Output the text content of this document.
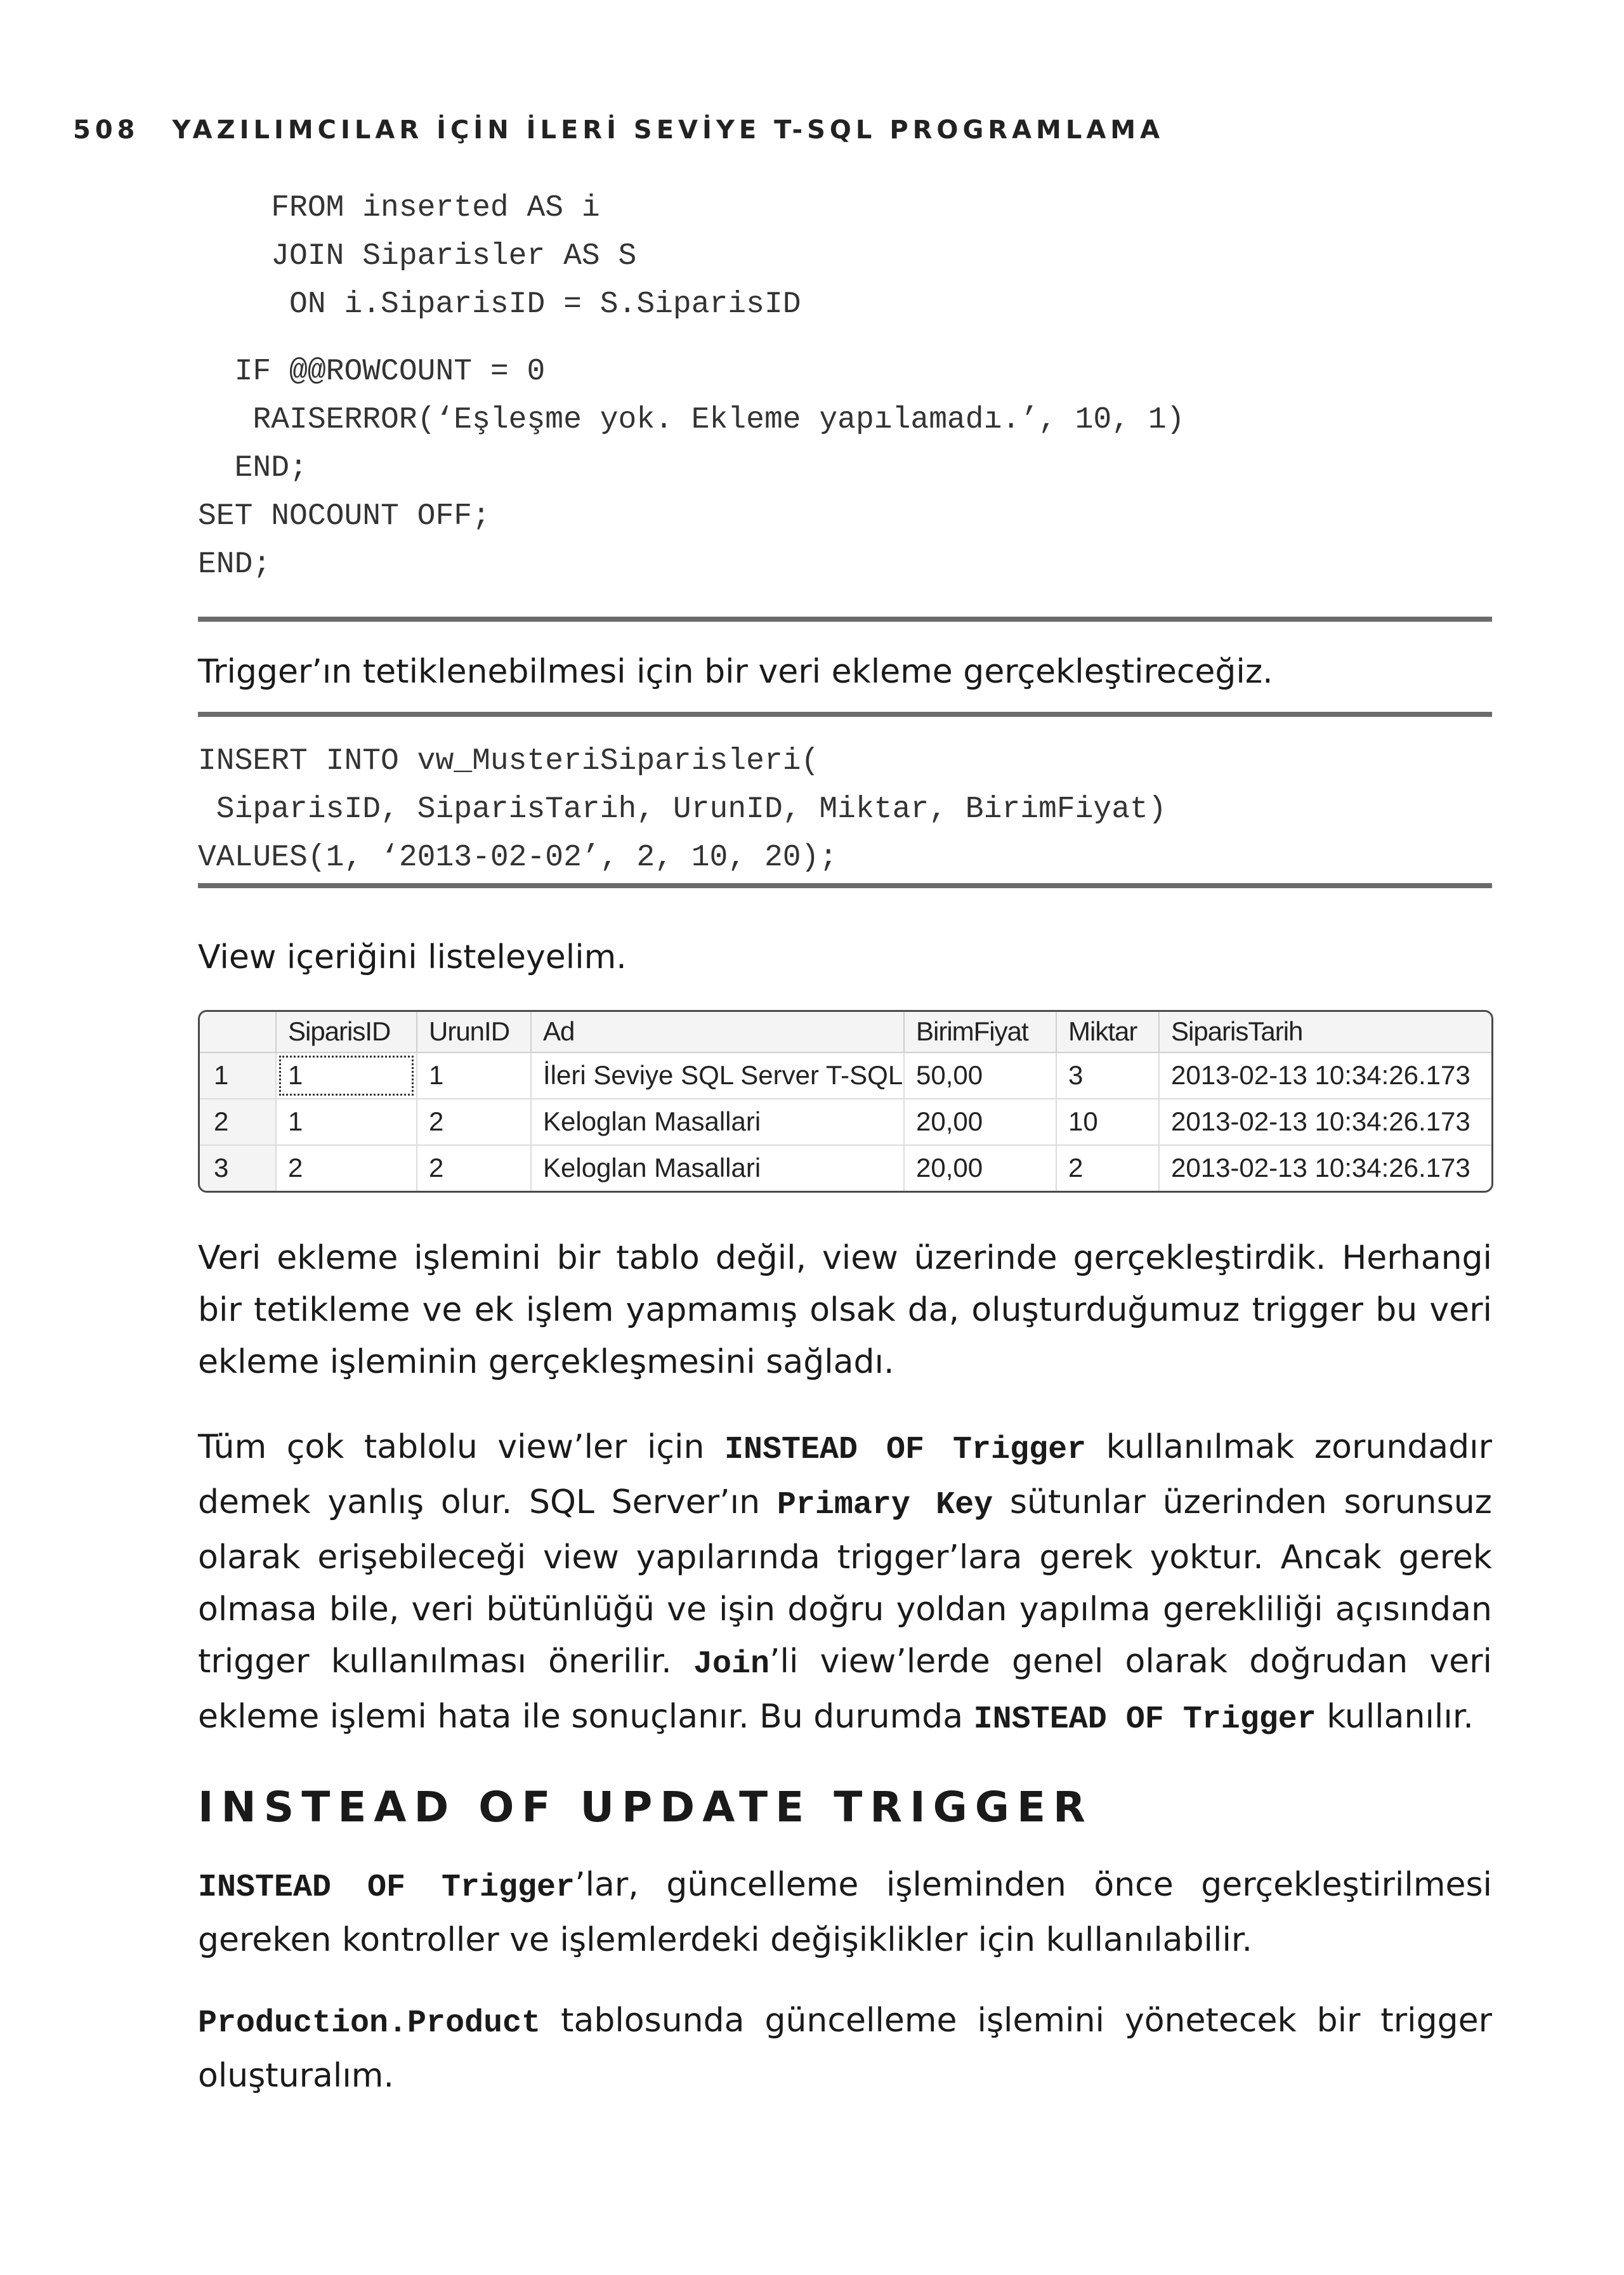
508 YAZILIMCILAR İÇİN İLERİ SEVİYE T-SQL PROGRAMLAMA
FROM inserted AS i
JOIN Siparisler AS S
ON i.SiparisID = S.SiparisID
IF @@ROWCOUNT = 0
RAISERROR(‘Eşleşme yok. Ekleme yapılamadı.’, 10, 1)
END;
SET NOCOUNT OFF;
END;

Trigger’ın tetiklenebilmesi için bir veri ekleme gerçekleştireceğiz.

INSERT INTO vw_MusteriSiparisleri(
SiparisID, SiparisTarih, UrunID, Miktar, BirimFiyat)
VALUES(1, ‘2013-02-02’, 2, 10, 20);

View içeriğini listeleyelim.

	SiparisID	UrunID	Ad	BirimFiyat	Miktar	SiparisTarih
1	1	1	İleri Seviye SQL Server T-SQL	50,00	3	2013-02-13 10:34:26.173
2	1	2	Keloglan Masallari	20,00	10	2013-02-13 10:34:26.173
3	2	2	Keloglan Masallari	20,00	2	2013-02-13 10:34:26.173
Veri ekleme işlemini bir tablo değil, view üzerinde gerçekleştirdik. Herhangi
bir tetikleme ve ek işlem yapmamış olsak da, oluşturduğumuz trigger bu veri
ekleme işleminin gerçekleşmesini sağladı.
Tüm çok tablolu view’ler için INSTEAD OF Trigger kullanılmak zorundadır
demek yanlış olur. SQL Server’ın Primary Key sütunlar üzerinden sorunsuz
olarak erişebileceği view yapılarında trigger’lara gerek yoktur. Ancak gerek
olmasa bile, veri bütünlüğü ve işin doğru yoldan yapılma gerekliliği açısından
trigger kullanılması önerilir. Join’li view’lerde genel olarak doğrudan veri
ekleme işlemi hata ile sonuçlanır. Bu durumda INSTEAD OF Trigger kullanılır.
INSTEAD OF UPDATE TRIGGER
INSTEAD OF Trigger’lar, güncelleme işleminden önce gerçekleştirilmesi
gereken kontroller ve işlemlerdeki değişiklikler için kullanılabilir.
Production.Product tablosunda güncelleme işlemini yönetecek bir trigger
oluşturalım.
